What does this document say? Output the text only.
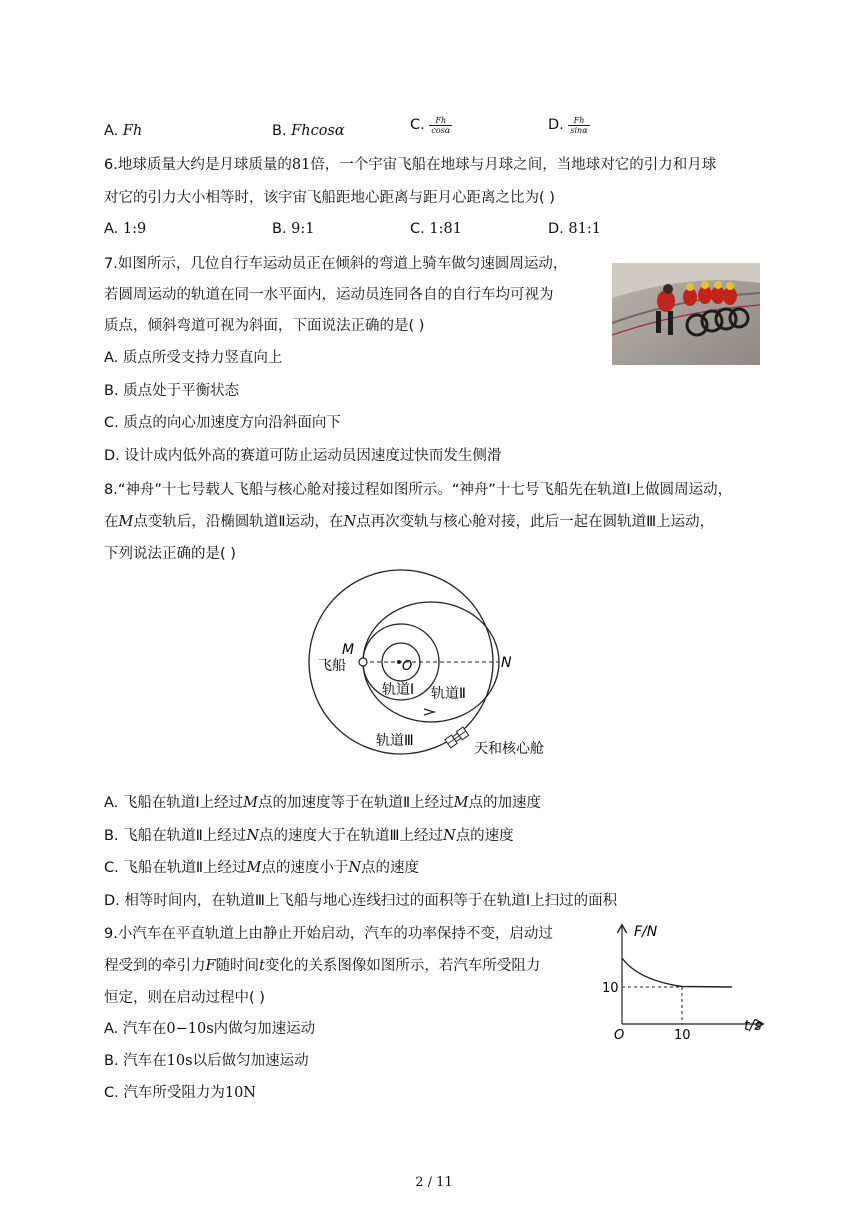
A. Fh	B. Fhcosα	C. $\frac{Fh}{\cos\alpha}$	D. $\frac{Fh}{\sin\alpha}$
6.地球质量大约是月球质量的81倍，一个宇宙飞船在地球与月球之间，当地球对它的引力和月球
对它的引力大小相等时，该宇宙飞船距地心距离与距月心距离之比为( )
A. 1:9	B. 9:1	C. 1:81	D. 81:1
7.如图所示，几位自行车运动员正在倾斜的弯道上骑车做匀速圆周运动，
若圆周运动的轨道在同一水平面内，运动员连同各自的自行车均可视为
质点，倾斜弯道可视为斜面，下面说法正确的是( )
A. 质点所受支持力竖直向上
B. 质点处于平衡状态
C. 质点的向心加速度方向沿斜面向下
D. 设计成内低外高的赛道可防止运动员因速度过快而发生侧滑
8.“神舟”十七号载人飞船与核心舱对接过程如图所示。“神舟”十七号飞船先在轨道Ⅰ上做圆周运动，
在M点变轨后，沿椭圆轨道Ⅱ运动，在N点再次变轨与核心舱对接，此后一起在圆轨道Ⅲ上运动，
下列说法正确的是( )
M
N
O
飞船
轨道Ⅰ 轨道Ⅱ
轨道Ⅲ	天和核心舱
A. 飞船在轨道Ⅰ上经过M点的加速度等于在轨道Ⅱ上经过M点的加速度
B. 飞船在轨道Ⅱ上经过N点的速度大于在轨道Ⅲ上经过N点的速度
C. 飞船在轨道Ⅱ上经过M点的速度小于N点的速度
D. 相等时间内，在轨道Ⅲ上飞船与地心连线扫过的面积等于在轨道Ⅰ上扫过的面积
9.小汽车在平直轨道上由静止开始启动，汽车的功率保持不变，启动过
程受到的牵引力F随时间t变化的关系图像如图所示，若汽车所受阻力
恒定，则在启动过程中( )
A. 汽车在0−10s内做匀加速运动
B. 汽车在10s以后做匀加速运动
C. 汽车所受阻力为10N
F/N
t/s
O
10
10
2 / 11
